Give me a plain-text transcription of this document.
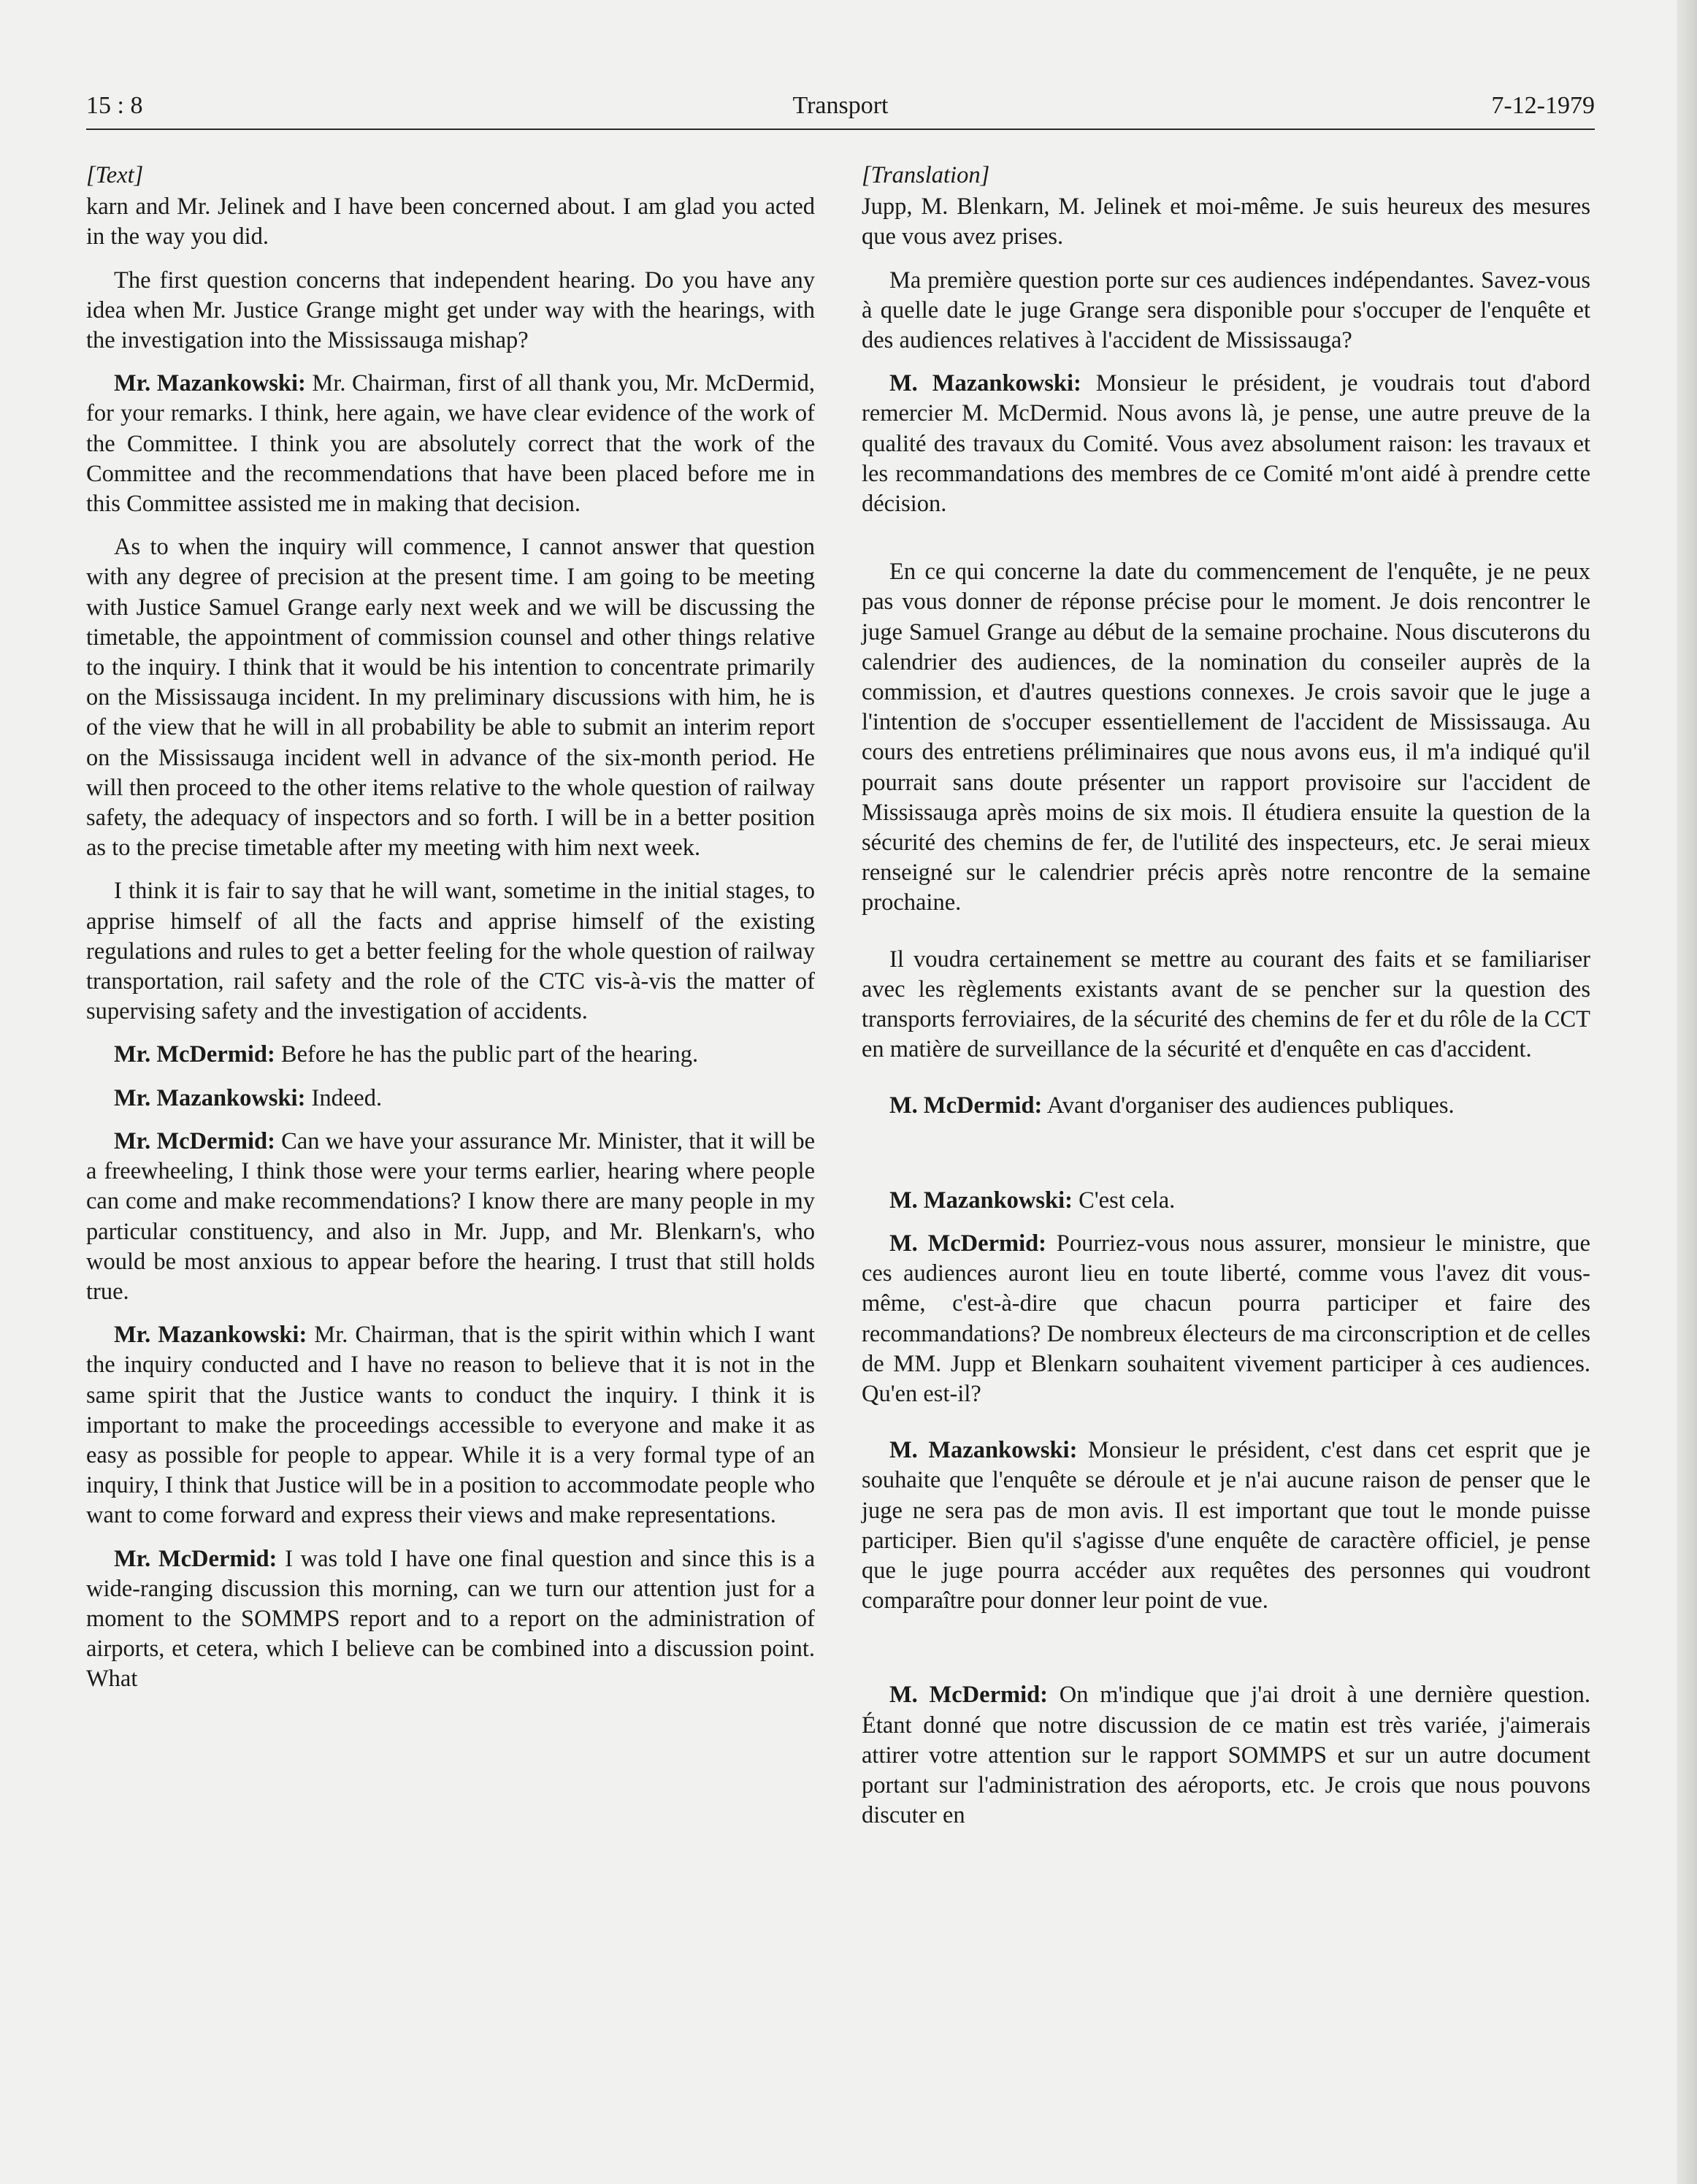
15 : 8	Transport	7-12-1979
[Text]

karn and Mr. Jelinek and I have been concerned about. I am glad you acted in the way you did.

The first question concerns that independent hearing. Do you have any idea when Mr. Justice Grange might get under way with the hearings, with the investigation into the Mississauga mishap?

Mr. Mazankowski: Mr. Chairman, first of all thank you, Mr. McDermid, for your remarks. I think, here again, we have clear evidence of the work of the Committee. I think you are absolutely correct that the work of the Committee and the recommendations that have been placed before me in this Committee assisted me in making that decision.

As to when the inquiry will commence, I cannot answer that question with any degree of precision at the present time. I am going to be meeting with Justice Samuel Grange early next week and we will be discussing the timetable, the appointment of commission counsel and other things relative to the inquiry. I think that it would be his intention to concentrate primarily on the Mississauga incident. In my preliminary discussions with him, he is of the view that he will in all probability be able to submit an interim report on the Mississauga incident well in advance of the six-month period. He will then proceed to the other items relative to the whole question of railway safety, the adequacy of inspectors and so forth. I will be in a better position as to the precise timetable after my meeting with him next week.

I think it is fair to say that he will want, sometime in the initial stages, to apprise himself of all the facts and apprise himself of the existing regulations and rules to get a better feeling for the whole question of railway transportation, rail safety and the role of the CTC vis-à-vis the matter of supervising safety and the investigation of accidents.

Mr. McDermid: Before he has the public part of the hearing.

Mr. Mazankowski: Indeed.

Mr. McDermid: Can we have your assurance Mr. Minister, that it will be a freewheeling, I think those were your terms earlier, hearing where people can come and make recommendations? I know there are many people in my particular constituency, and also in Mr. Jupp, and Mr. Blenkarn's, who would be most anxious to appear before the hearing. I trust that still holds true.

Mr. Mazankowski: Mr. Chairman, that is the spirit within which I want the inquiry conducted and I have no reason to believe that it is not in the same spirit that the Justice wants to conduct the inquiry. I think it is important to make the proceedings accessible to everyone and make it as easy as possible for people to appear. While it is a very formal type of an inquiry, I think that Justice will be in a position to accommodate people who want to come forward and express their views and make representations.

Mr. McDermid: I was told I have one final question and since this is a wide-ranging discussion this morning, can we turn our attention just for a moment to the SOMMPS report and to a report on the administration of airports, et cetera, which I believe can be combined into a discussion point. What

[Translation]

Jupp, M. Blenkarn, M. Jelinek et moi-même. Je suis heureux des mesures que vous avez prises.

Ma première question porte sur ces audiences indépendantes. Savez-vous à quelle date le juge Grange sera disponible pour s'occuper de l'enquête et des audiences relatives à l'accident de Mississauga?

M. Mazankowski: Monsieur le président, je voudrais tout d'abord remercier M. McDermid. Nous avons là, je pense, une autre preuve de la qualité des travaux du Comité. Vous avez absolument raison: les travaux et les recommandations des membres de ce Comité m'ont aidé à prendre cette décision.

En ce qui concerne la date du commencement de l'enquête, je ne peux pas vous donner de réponse précise pour le moment. Je dois rencontrer le juge Samuel Grange au début de la semaine prochaine. Nous discuterons du calendrier des audiences, de la nomination du conseiler auprès de la commission, et d'autres questions connexes. Je crois savoir que le juge a l'intention de s'occuper essentiellement de l'accident de Mississauga. Au cours des entretiens préliminaires que nous avons eus, il m'a indiqué qu'il pourrait sans doute présenter un rapport provisoire sur l'accident de Mississauga après moins de six mois. Il étudiera ensuite la question de la sécurité des chemins de fer, de l'utilité des inspecteurs, etc. Je serai mieux renseigné sur le calendrier précis après notre rencontre de la semaine prochaine.

Il voudra certainement se mettre au courant des faits et se familiariser avec les règlements existants avant de se pencher sur la question des transports ferroviaires, de la sécurité des chemins de fer et du rôle de la CCT en matière de surveillance de la sécurité et d'enquête en cas d'accident.

M. McDermid: Avant d'organiser des audiences publiques.

M. Mazankowski: C'est cela.

M. McDermid: Pourriez-vous nous assurer, monsieur le ministre, que ces audiences auront lieu en toute liberté, comme vous l'avez dit vous-même, c'est-à-dire que chacun pourra participer et faire des recommandations? De nombreux électeurs de ma circonscription et de celles de MM. Jupp et Blenkarn souhaitent vivement participer à ces audiences. Qu'en est-il?

M. Mazankowski: Monsieur le président, c'est dans cet esprit que je souhaite que l'enquête se déroule et je n'ai aucune raison de penser que le juge ne sera pas de mon avis. Il est important que tout le monde puisse participer. Bien qu'il s'agisse d'une enquête de caractère officiel, je pense que le juge pourra accéder aux requêtes des personnes qui voudront comparaître pour donner leur point de vue.

M. McDermid: On m'indique que j'ai droit à une dernière question. Étant donné que notre discussion de ce matin est très variée, j'aimerais attirer votre attention sur le rapport SOMMPS et sur un autre document portant sur l'administration des aéroports, etc. Je crois que nous pouvons discuter en
